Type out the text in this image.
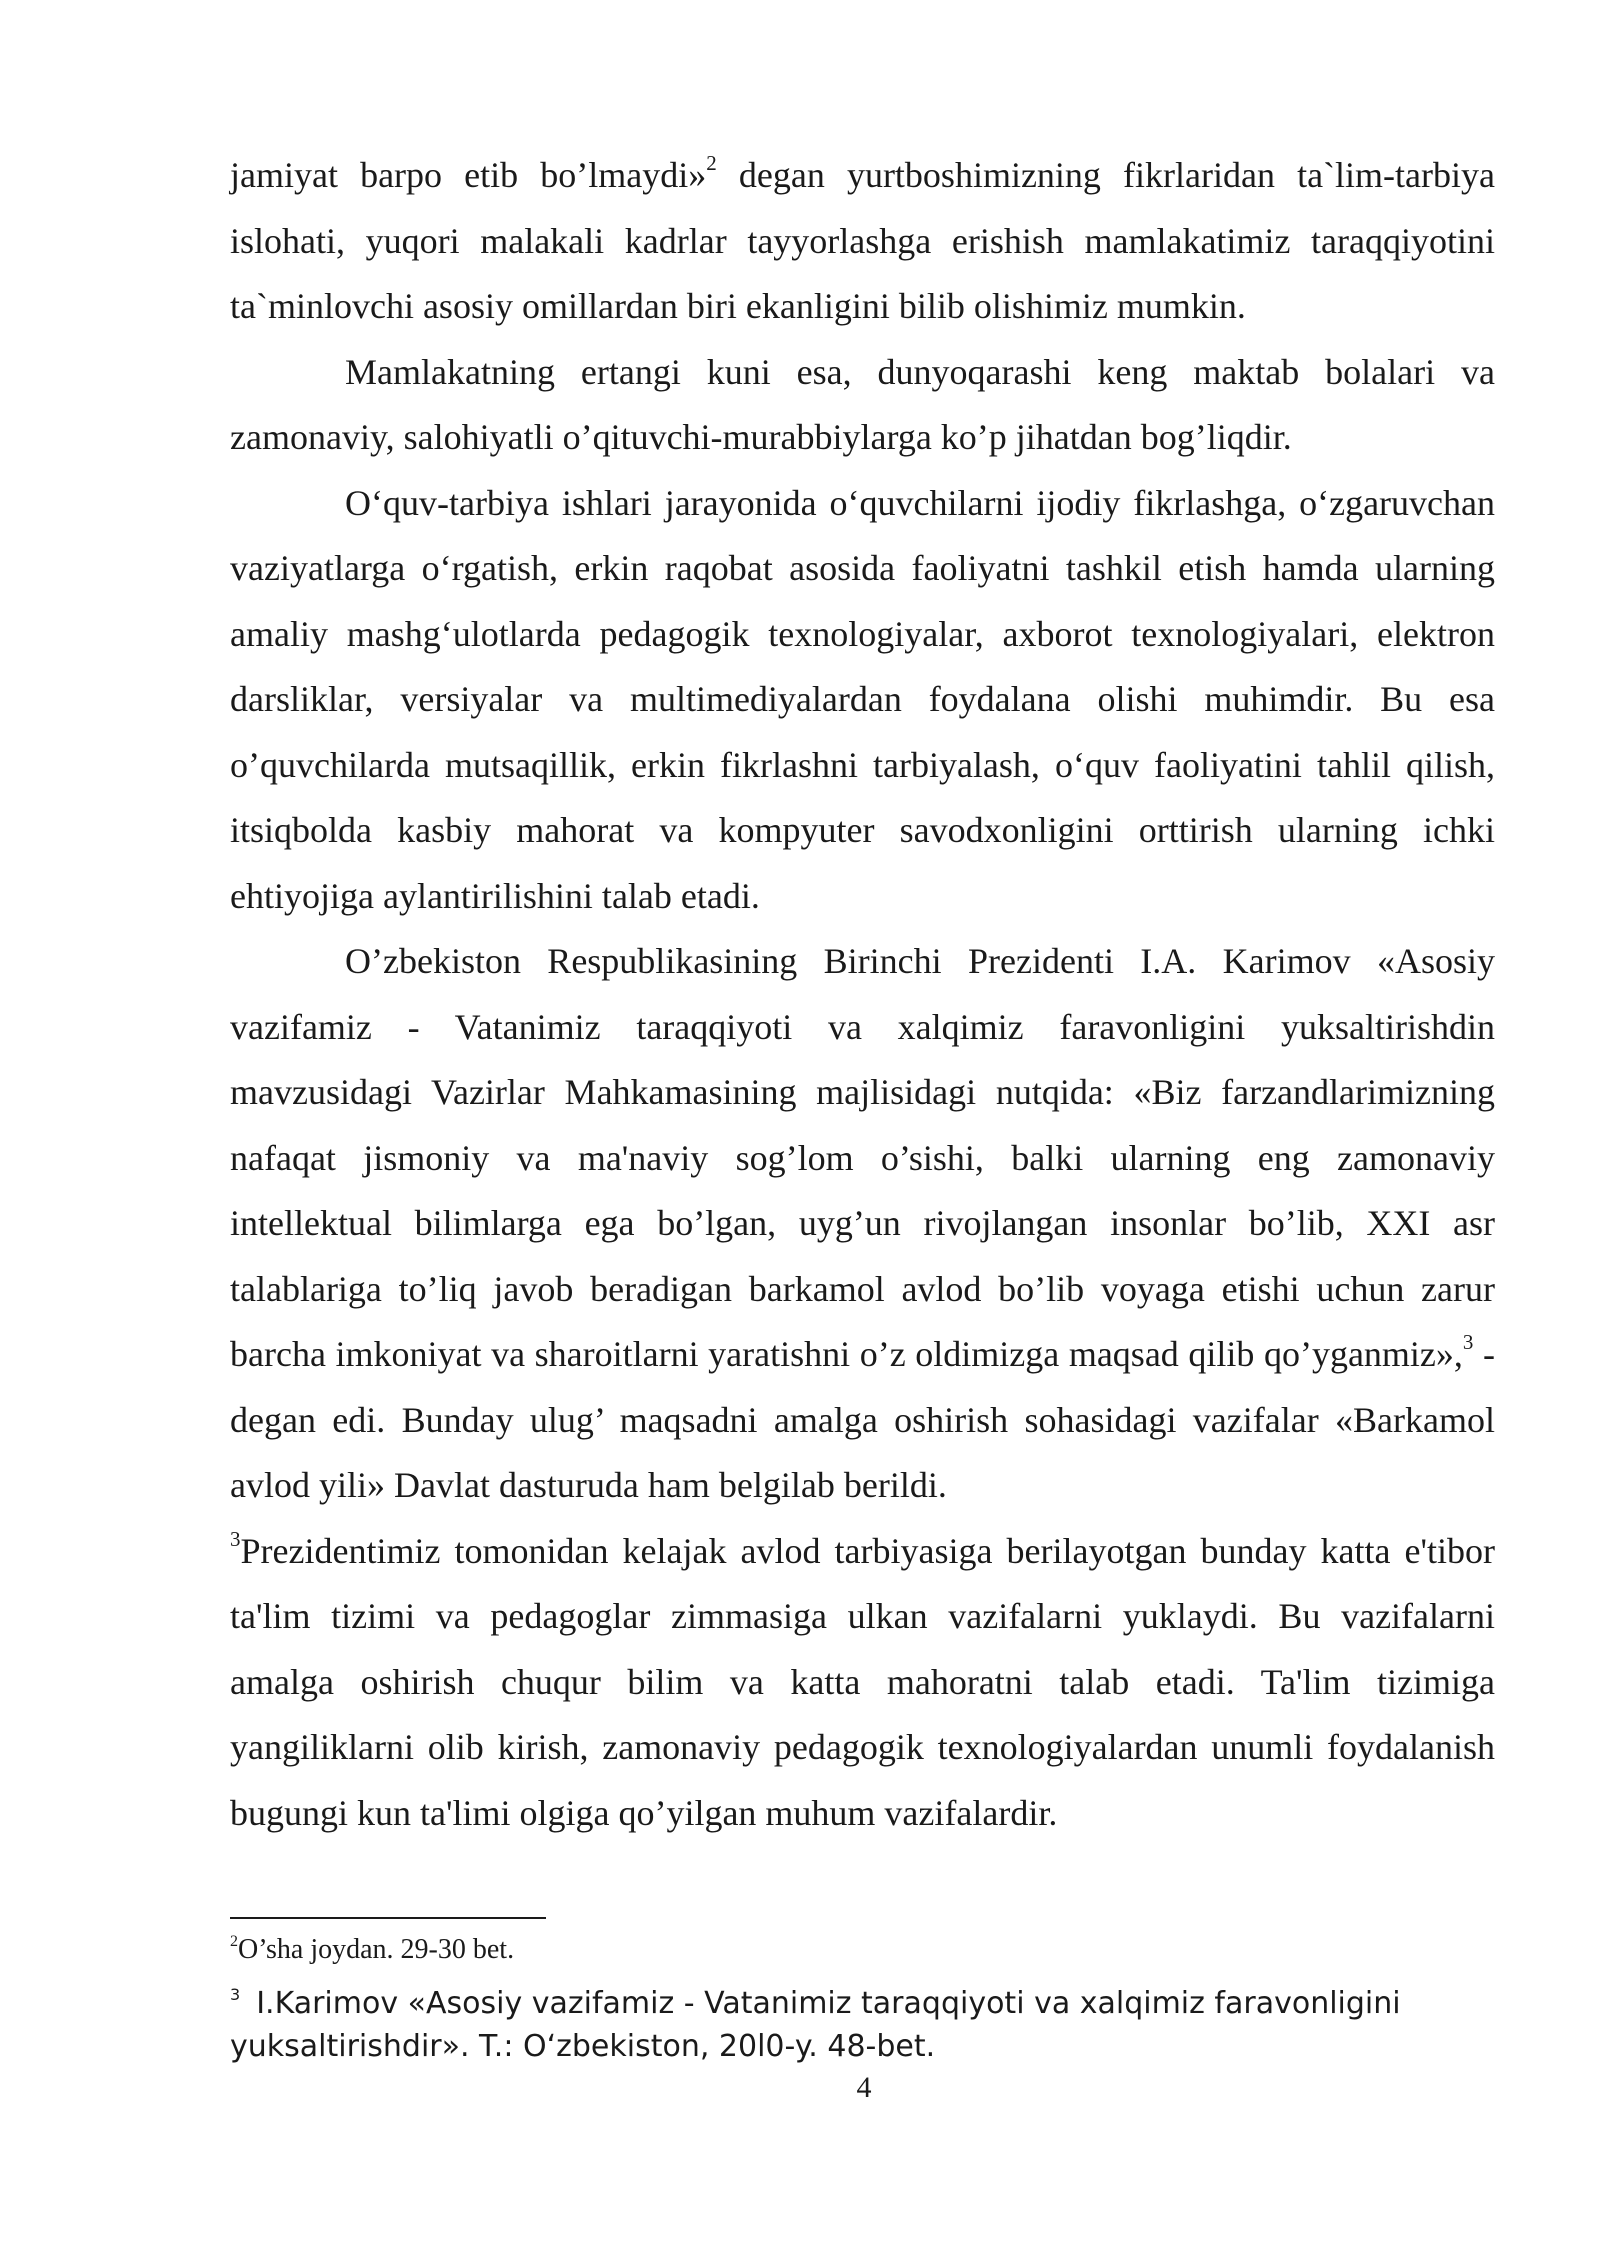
jamiyat barpo etib bo’lmaydi»$^2$ degan yurtboshimizning fikrlaridan ta`lim-tarbiya islohati, yuqori malakali kadrlar tayyorlashga erishish mamlakatimiz taraqqiyotini ta`minlovchi asosiy omillardan biri ekanligini bilib olishimiz mumkin.

Mamlakatning ertangi kuni esa, dunyoqarashi keng maktab bolalari va zamonaviy, salohiyatli o’qituvchi-murabbiylarga ko’p jihatdan bog’liqdir.

O‘quv-tarbiya ishlari jarayonida o‘quvchilarni ijodiy fikrlashga, o‘zgaruvchan vaziyatlarga o‘rgatish, erkin raqobat asosida faoliyatni tashkil etish hamda ularning amaliy mashg‘ulotlarda pedagogik texnologiyalar, axborot texnologiyalari, elektron darsliklar, versiyalar va multimediyalardan foydalana olishi muhimdir. Bu esa o’quvchilarda mutsaqillik, erkin fikrlashni tarbiyalash, o‘quv faoliyatini tahlil qilish, itsiqbolda kasbiy mahorat va kompyuter savodxonligini orttirish ularning ichki ehtiyojiga aylantirilishini talab etadi.

O’zbekiston Respublikasining Birinchi Prezidenti I.A. Karimov «Asosiy vazifamiz - Vatanimiz taraqqiyoti va xalqimiz faravonligini yuksaltirishdin mavzusidagi Vazirlar Mahkamasining majlisidagi nutqida: «Biz farzandlarimizning nafaqat jismoniy va ma'naviy sog’lom o’sishi, balki ularning eng zamonaviy intellektual bilimlarga ega bo’lgan, uyg’un rivojlangan insonlar bo’lib, XXI asr talablariga to’liq javob beradigan barkamol avlod bo’lib voyaga etishi uchun zarur barcha imkoniyat va sharoitlarni yaratishni o’z oldimizga maqsad qilib qo’yganmiz»,$^3$ - degan edi. Bunday ulug’ maqsadni amalga oshirish sohasidagi vazifalar «Barkamol avlod yili» Davlat dasturuda ham belgilab berildi.

$^3$Prezidentimiz tomonidan kelajak avlod tarbiyasiga berilayotgan bunday katta e'tibor ta'lim tizimi va pedagoglar zimmasiga ulkan vazifalarni yuklaydi. Bu vazifalarni amalga oshirish chuqur bilim va katta mahoratni talab etadi. Ta'lim tizimiga yangiliklarni olib kirish, zamonaviy pedagogik texnologiyalardan unumli foydalanish bugungi kun ta'limi olgiga qo’yilgan muhum vazifalardir.

$^2$O’sha joydan. 29-30 bet.
$^3$ I.Karimov «Asosiy vazifamiz - Vatanimiz taraqqiyoti va xalqimiz faravonligini yuksaltirishdir». T.: O‘zbekiston, 20l0-y. 48-bet.
4
